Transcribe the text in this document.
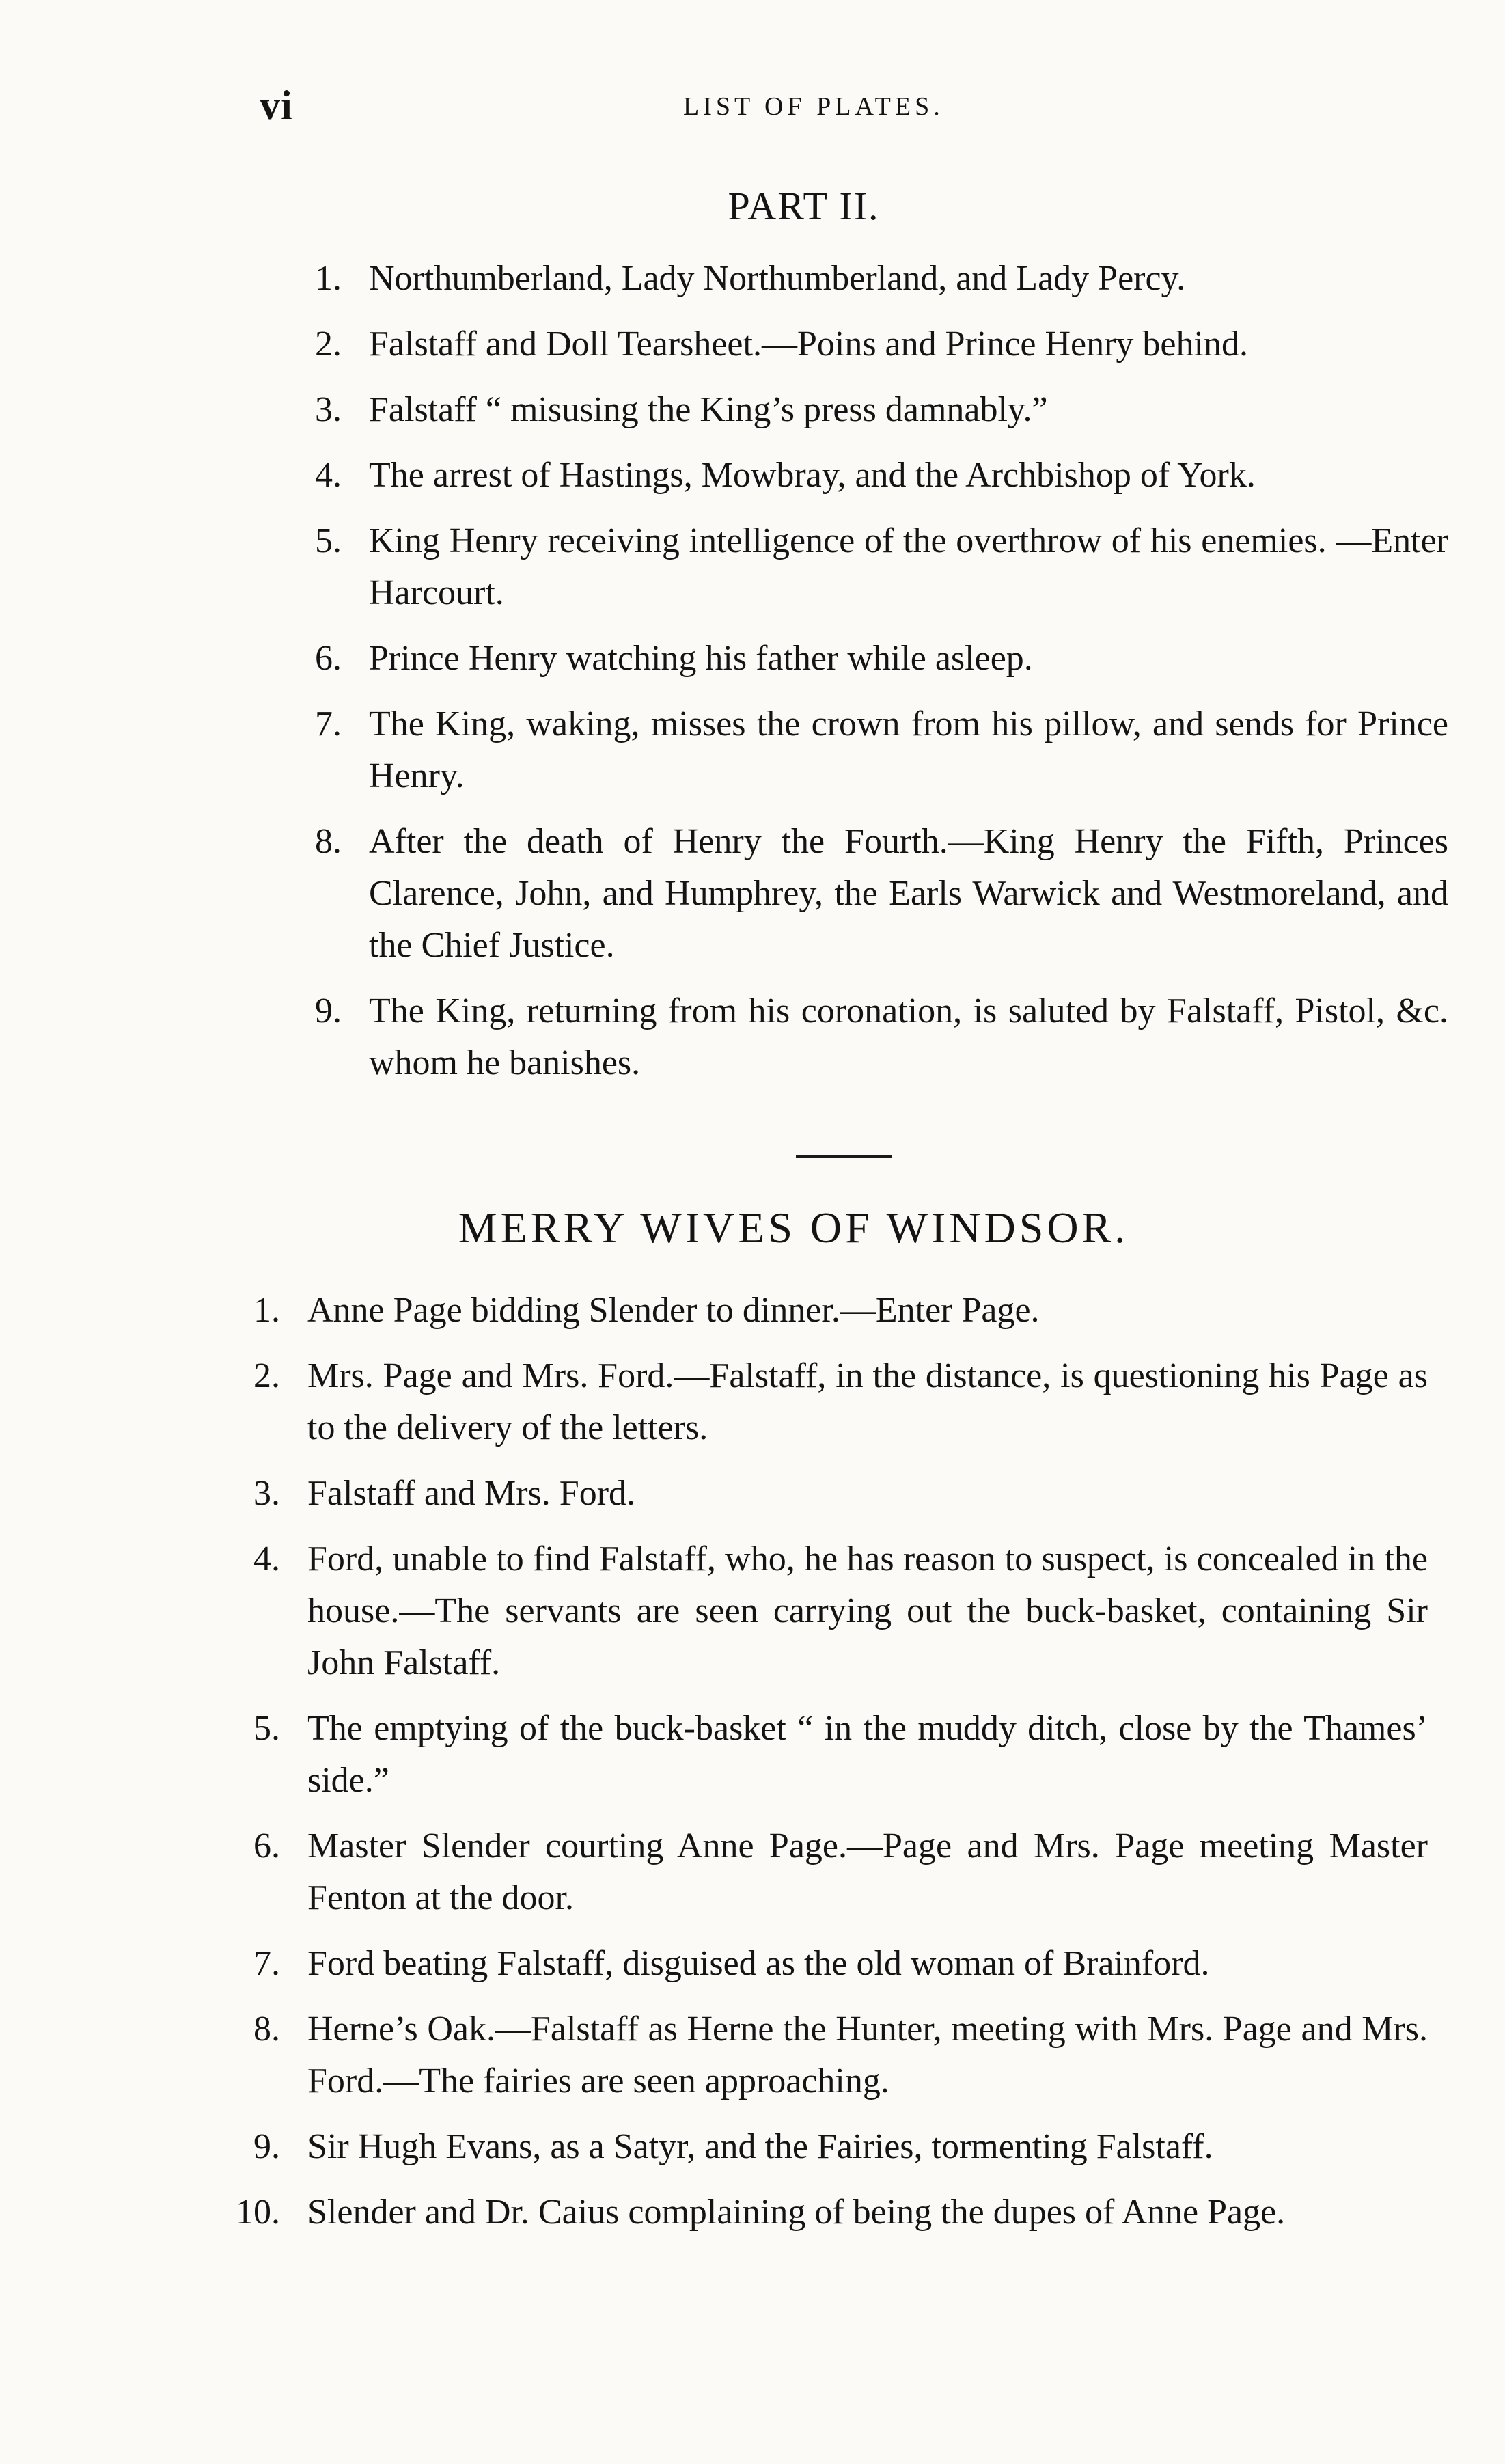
vi	LIST OF PLATES.
PART II.
1. Northumberland, Lady Northumberland, and Lady Percy.
2. Falstaff and Doll Tearsheet.—Poins and Prince Henry behind.
3. Falstaff “ misusing the King’s press damnably.”
4. The arrest of Hastings, Mowbray, and the Archbishop of York.
5. King Henry receiving intelligence of the overthrow of his enemies. —Enter Harcourt.
6. Prince Henry watching his father while asleep.
7. The King, waking, misses the crown from his pillow, and sends for Prince Henry.
8. After the death of Henry the Fourth.—King Henry the Fifth, Princes Clarence, John, and Humphrey, the Earls Warwick and Westmoreland, and the Chief Justice.
9. The King, returning from his coronation, is saluted by Falstaff, Pistol, &c. whom he banishes.
MERRY WIVES OF WINDSOR.
1. Anne Page bidding Slender to dinner.—Enter Page.
2. Mrs. Page and Mrs. Ford.—Falstaff, in the distance, is questioning his Page as to the delivery of the letters.
3. Falstaff and Mrs. Ford.
4. Ford, unable to find Falstaff, who, he has reason to suspect, is concealed in the house.—The servants are seen carrying out the buck-basket, containing Sir John Falstaff.
5. The emptying of the buck-basket “ in the muddy ditch, close by the Thames’ side.”
6. Master Slender courting Anne Page.—Page and Mrs. Page meeting Master Fenton at the door.
7. Ford beating Falstaff, disguised as the old woman of Brainford.
8. Herne’s Oak.—Falstaff as Herne the Hunter, meeting with Mrs. Page and Mrs. Ford.—The fairies are seen approaching.
9. Sir Hugh Evans, as a Satyr, and the Fairies, tormenting Falstaff.
10. Slender and Dr. Caius complaining of being the dupes of Anne Page.
